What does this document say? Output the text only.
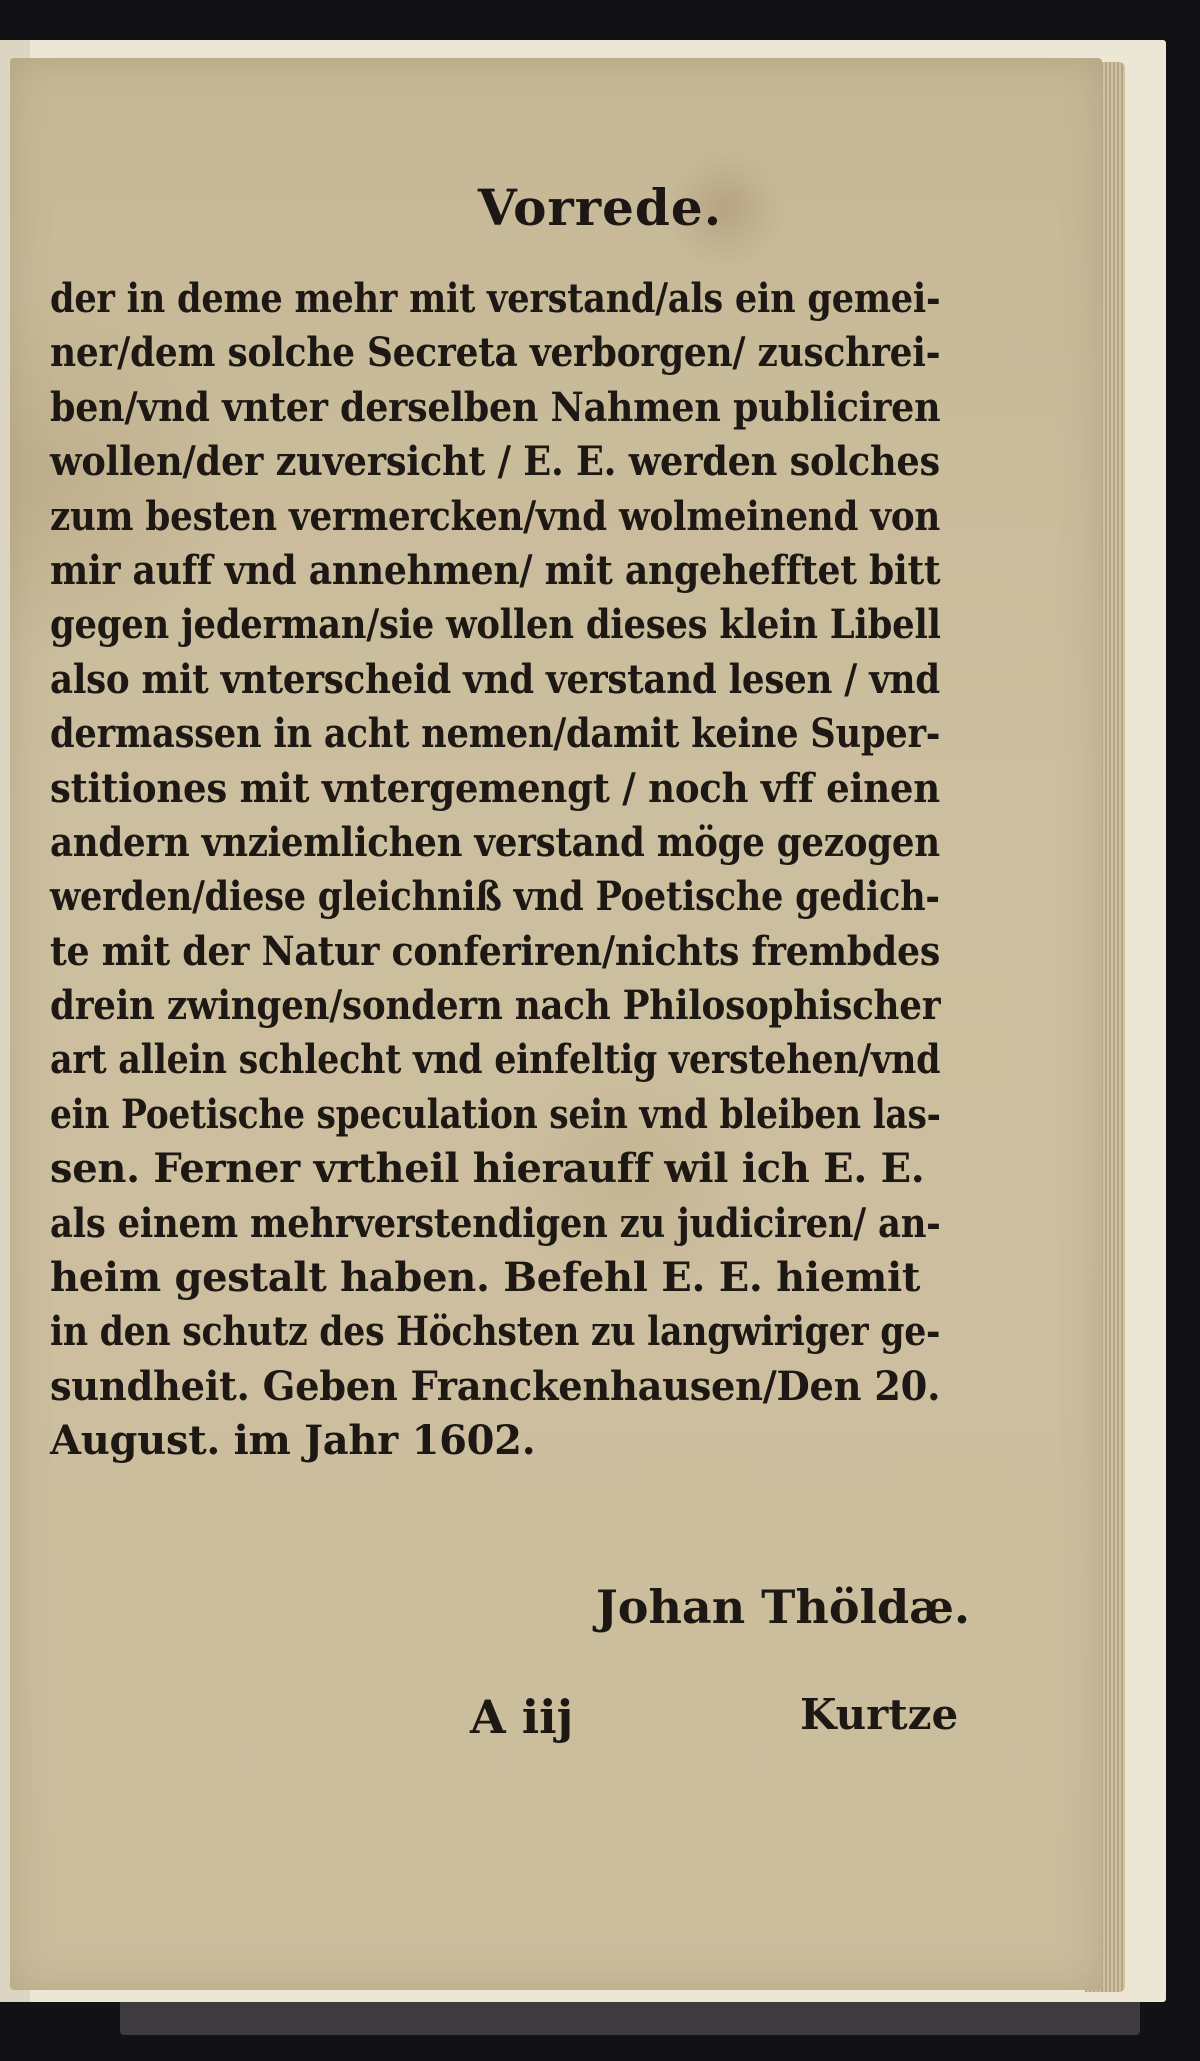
Vorrede.
der in deme mehr mit verstand/als ein gemei-
ner/dem solche Secreta verborgen/ zuschrei-
ben/vnd vnter derselben Nahmen publiciren
wollen/der zuversicht / E. E. werden solches
zum besten vermercken/vnd wolmeinend von
mir auff vnd annehmen/ mit angehefftet bitt
gegen jederman/sie wollen dieses klein Libell
also mit vnterscheid vnd verstand lesen / vnd
dermassen in acht nemen/damit keine Super-
stitiones mit vntergemengt / noch vff einen
andern vnziemlichen verstand möge gezogen
werden/diese gleichniß vnd Poetische gedich-
te mit der Natur conferiren/nichts frembdes
drein zwingen/sondern nach Philosophischer
art allein schlecht vnd einfeltig verstehen/vnd
ein Poetische speculation sein vnd bleiben las-
sen. Ferner vrtheil hierauff wil ich E. E.
als einem mehrverstendigen zu judiciren/ an-
heim gestalt haben. Befehl E. E. hiemit
in den schutz des Höchsten zu langwiriger ge-
sundheit. Geben Franckenhausen/Den 20.
August. im Jahr 1602.
Johan Thöldæ.
A iij	Kurtze
